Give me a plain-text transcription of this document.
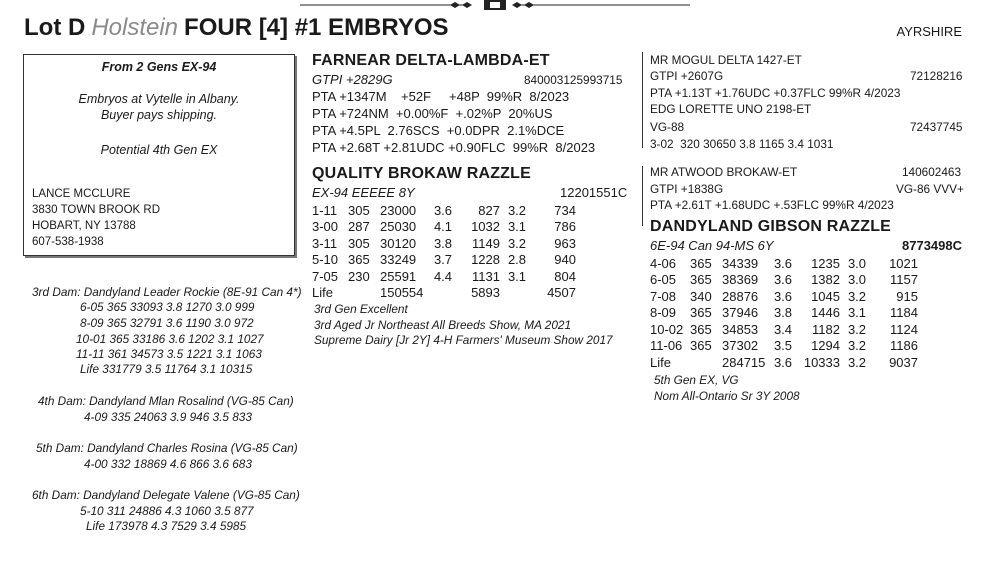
Lot D Holstein FOUR [4] #1 EMBRYOS	AYRSHIRE
From 2 Gens EX-94
Embryos at Vytelle in Albany.
Buyer pays shipping.
Potential 4th Gen EX
LANCE MCCLURE
3830 TOWN BROOK RD
HOBART, NY 13788
607-538-1938
3rd Dam: Dandyland Leader Rockie (8E-91 Can 4*)
6-05 365 33093 3.8 1270 3.0 999
8-09 365 32791 3.6 1190 3.0 972
10-01 365 33186 3.6 1202 3.1 1027
11-11 361 34573 3.5 1221 3.1 1063
Life 331779 3.5 11764 3.1 10315
4th Dam: Dandyland Mlan Rosalind (VG-85 Can)
4-09 335 24063 3.9 946 3.5 833
5th Dam: Dandyland Charles Rosina (VG-85 Can)
4-00 332 18869 4.6 866 3.6 683
6th Dam: Dandyland Delegate Valene (VG-85 Can)
5-10 311 24886 4.3 1060 3.5 877
Life 173978 4.3 7529 3.4 5985
FARNEAR DELTA-LAMBDA-ET
GTPI +2829G	840003125993715
PTA +1347M    +52F     +48P  99%R  8/2023
PTA +724NM  +0.00%F  +.02%P  20%US
PTA +4.5PL  2.76SCS  +0.0DPR  2.1%DCE
PTA +2.68T +2.81UDC +0.90FLC  99%R  8/2023
QUALITY BROKAW RAZZLE
EX-94 EEEEE 8Y	12201551C
1-11	305	23000	3.6	827	3.2	734
3-00	287	25030	4.1	1032	3.1	786
3-11	305	30120	3.8	1149	3.2	963
5-10	365	33249	3.7	1228	2.8	940
7-05	230	25591	4.4	1131	3.1	804
Life		150554		5893		4507
3rd Gen Excellent
3rd Aged Jr Northeast All Breeds Show, MA 2021
Supreme Dairy [Jr 2Y] 4-H Farmers' Museum Show 2017
MR MOGUL DELTA 1427-ET
GTPI +2607G	72128216
PTA +1.13T +1.76UDC +0.37FLC 99%R 4/2023
EDG LORETTE UNO 2198-ET
VG-88	72437745
3-02  320 30650 3.8 1165 3.4 1031
MR ATWOOD BROKAW-ET	140602463
GTPI +1838G	VG-86 VVV+
PTA +2.61T +1.68UDC +.53FLC 99%R 4/2023
DANDYLAND GIBSON RAZZLE
6E-94 Can 94-MS 6Y	8773498C
4-06	365	34339	3.6	1235	3.0	1021
6-05	365	38369	3.6	1382	3.0	1157
7-08	340	28876	3.6	1045	3.2	915
8-09	365	37946	3.8	1446	3.1	1184
10-02	365	34853	3.4	1182	3.2	1124
11-06	365	37302	3.5	1294	3.2	1186
Life		284715	3.6	10333	3.2	9037
5th Gen EX, VG
Nom All-Ontario Sr 3Y 2008
